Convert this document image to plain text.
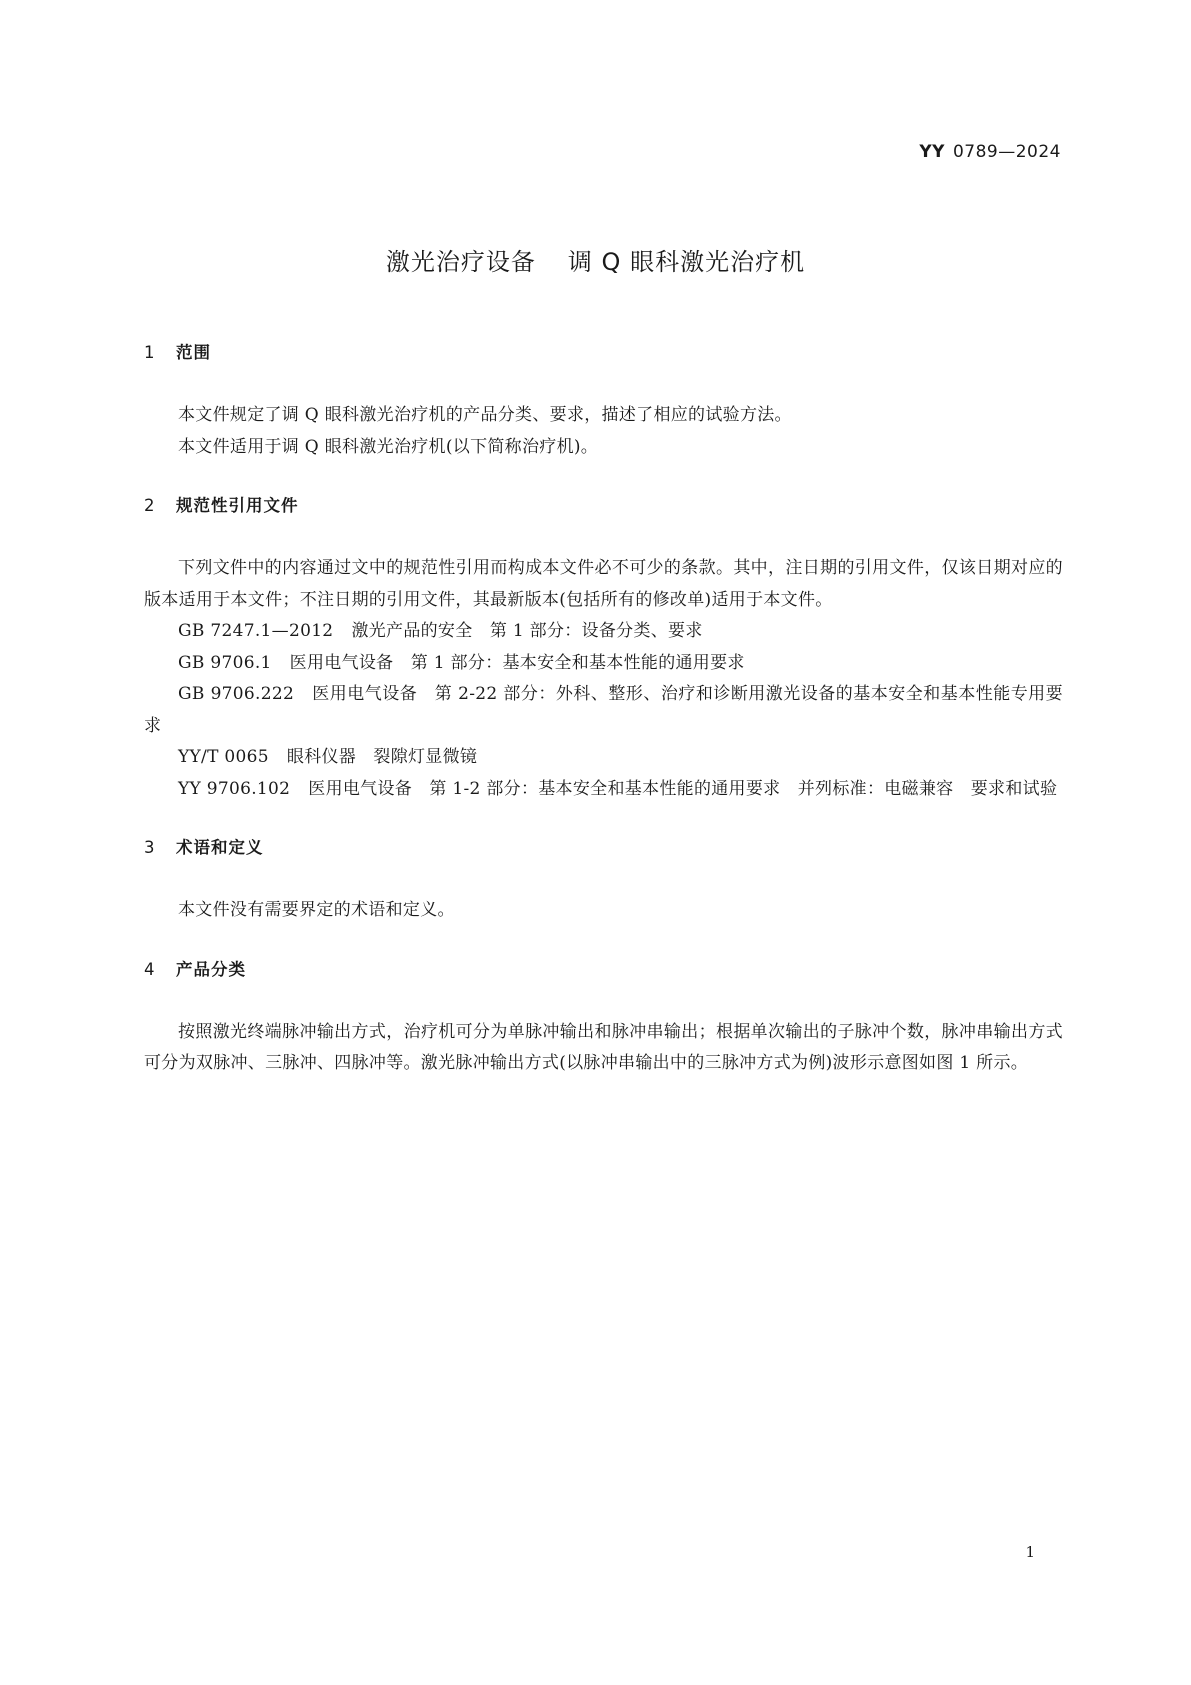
YY 0789—2024
激光治疗设备 调 Q 眼科激光治疗机
1 范围

本文件规定了调 Q 眼科激光治疗机的产品分类、要求，描述了相应的试验方法。

本文件适用于调 Q 眼科激光治疗机(以下简称治疗机)。

2 规范性引用文件

下列文件中的内容通过文中的规范性引用而构成本文件必不可少的条款。其中，注日期的引用文件，仅该日期对应的版本适用于本文件；不注日期的引用文件，其最新版本(包括所有的修改单)适用于本文件。

GB 7247.1—2012 激光产品的安全　第 1 部分：设备分类、要求

GB 9706.1 医用电气设备　第 1 部分：基本安全和基本性能的通用要求

GB 9706.222 医用电气设备　第 2-22 部分：外科、整形、治疗和诊断用激光设备的基本安全和基本性能专用要求

YY/T 0065 眼科仪器　裂隙灯显微镜

YY 9706.102 医用电气设备　第 1-2 部分：基本安全和基本性能的通用要求　并列标准：电磁兼容　要求和试验

3 术语和定义

本文件没有需要界定的术语和定义。

4 产品分类

按照激光终端脉冲输出方式，治疗机可分为单脉冲输出和脉冲串输出；根据单次输出的子脉冲个数，脉冲串输出方式可分为双脉冲、三脉冲、四脉冲等。激光脉冲输出方式(以脉冲串输出中的三脉冲方式为例)波形示意图如图 1 所示。

1
